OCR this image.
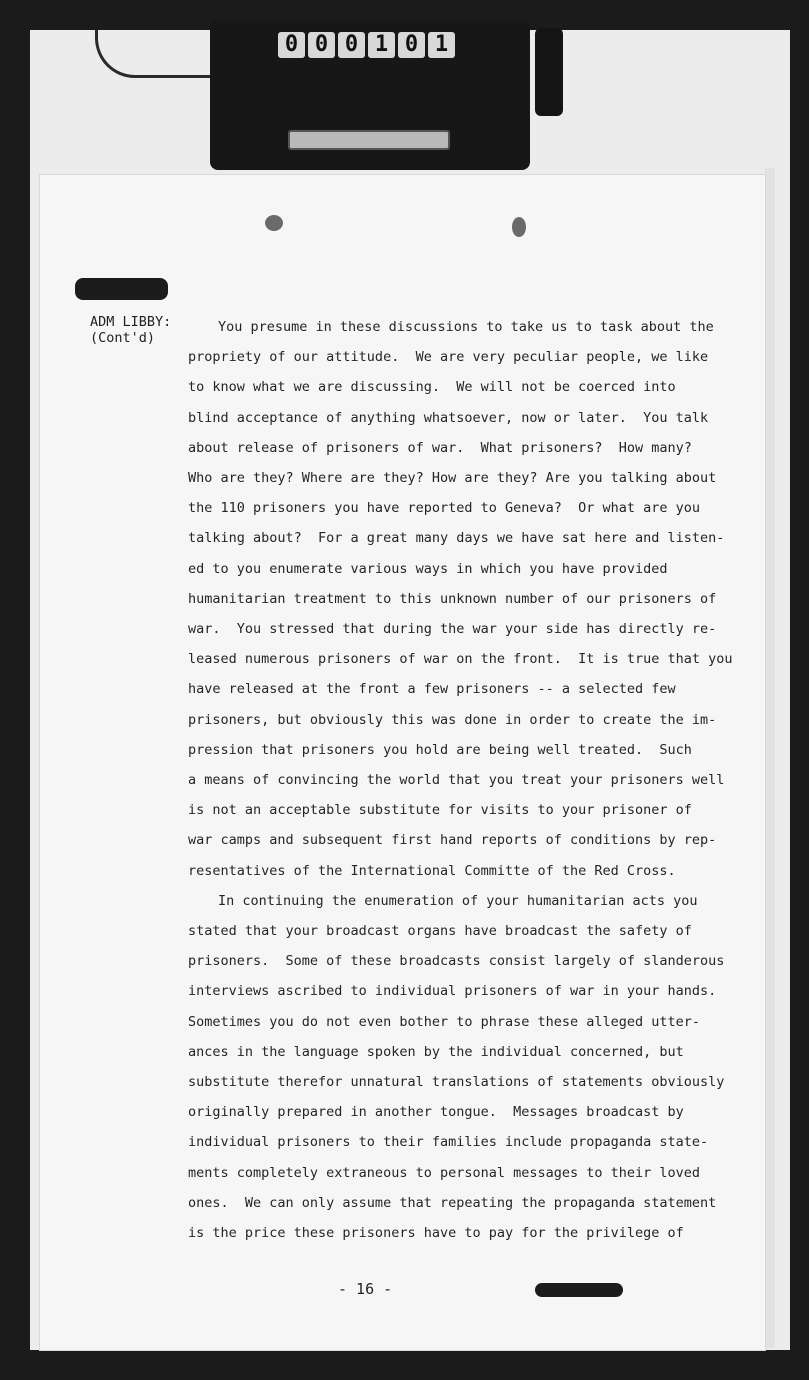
0 0 0 1 0 1
ADM LIBBY:
(Cont'd)
You presume in these discussions to take us to task about the
propriety of our attitude.  We are very peculiar people, we like
to know what we are discussing.  We will not be coerced into
blind acceptance of anything whatsoever, now or later.  You talk
about release of prisoners of war.  What prisoners?  How many?
Who are they? Where are they? How are they? Are you talking about
the 110 prisoners you have reported to Geneva?  Or what are you
talking about?  For a great many days we have sat here and listen-
ed to you enumerate various ways in which you have provided
humanitarian treatment to this unknown number of our prisoners of
war.  You stressed that during the war your side has directly re-
leased numerous prisoners of war on the front.  It is true that you
have released at the front a few prisoners -- a selected few
prisoners, but obviously this was done in order to create the im-
pression that prisoners you hold are being well treated.  Such
a means of convincing the world that you treat your prisoners well
is not an acceptable substitute for visits to your prisoner of
war camps and subsequent first hand reports of conditions by rep-
resentatives of the International Committe of the Red Cross.
In continuing the enumeration of your humanitarian acts you
stated that your broadcast organs have broadcast the safety of
prisoners.  Some of these broadcasts consist largely of slanderous
interviews ascribed to individual prisoners of war in your hands.
Sometimes you do not even bother to phrase these alleged utter-
ances in the language spoken by the individual concerned, but
substitute therefor unnatural translations of statements obviously
originally prepared in another tongue.  Messages broadcast by
individual prisoners to their families include propaganda state-
ments completely extraneous to personal messages to their loved
ones.  We can only assume that repeating the propaganda statement
is the price these prisoners have to pay for the privilege of
- 16 -
